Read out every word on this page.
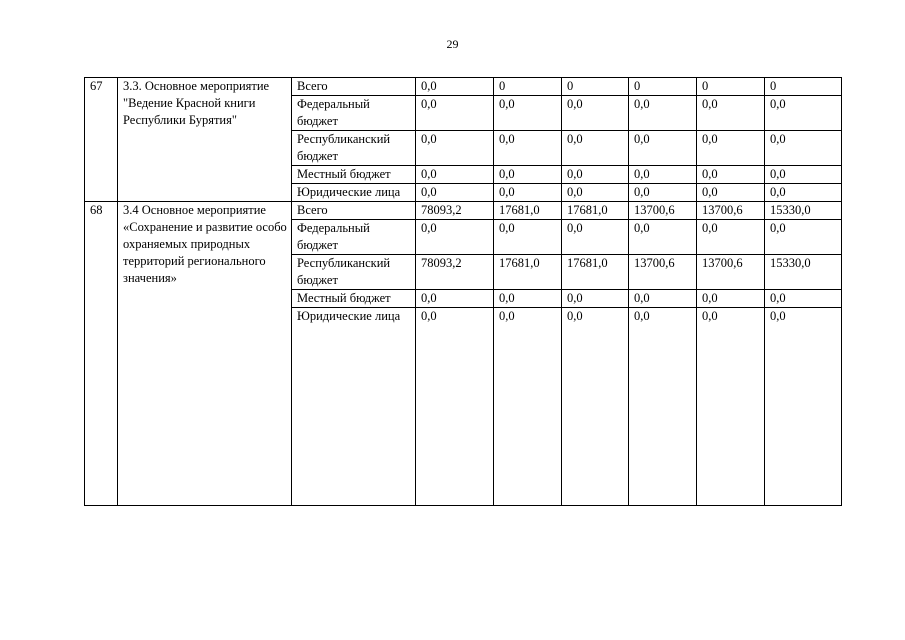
29
67	3.3. Основное мероприятие "Ведение Красной книги Республики Бурятия"	Всего	0,0	0	0	0	0	0
		Федеральный бюджет	0,0	0,0	0,0	0,0	0,0	0,0
		Республиканский бюджет	0,0	0,0	0,0	0,0	0,0	0,0
		Местный бюджет	0,0	0,0	0,0	0,0	0,0	0,0
		Юридические лица	0,0	0,0	0,0	0,0	0,0	0,0
68	3.4 Основное мероприятие «Сохранение и развитие особо охраняемых природных территорий регионального значения»	Всего	78093,2	17681,0	17681,0	13700,6	13700,6	15330,0
		Федеральный бюджет	0,0	0,0	0,0	0,0	0,0	0,0
		Республиканский бюджет	78093,2	17681,0	17681,0	13700,6	13700,6	15330,0
		Местный бюджет	0,0	0,0	0,0	0,0	0,0	0,0
		Юридические лица	0,0	0,0	0,0	0,0	0,0	0,0
